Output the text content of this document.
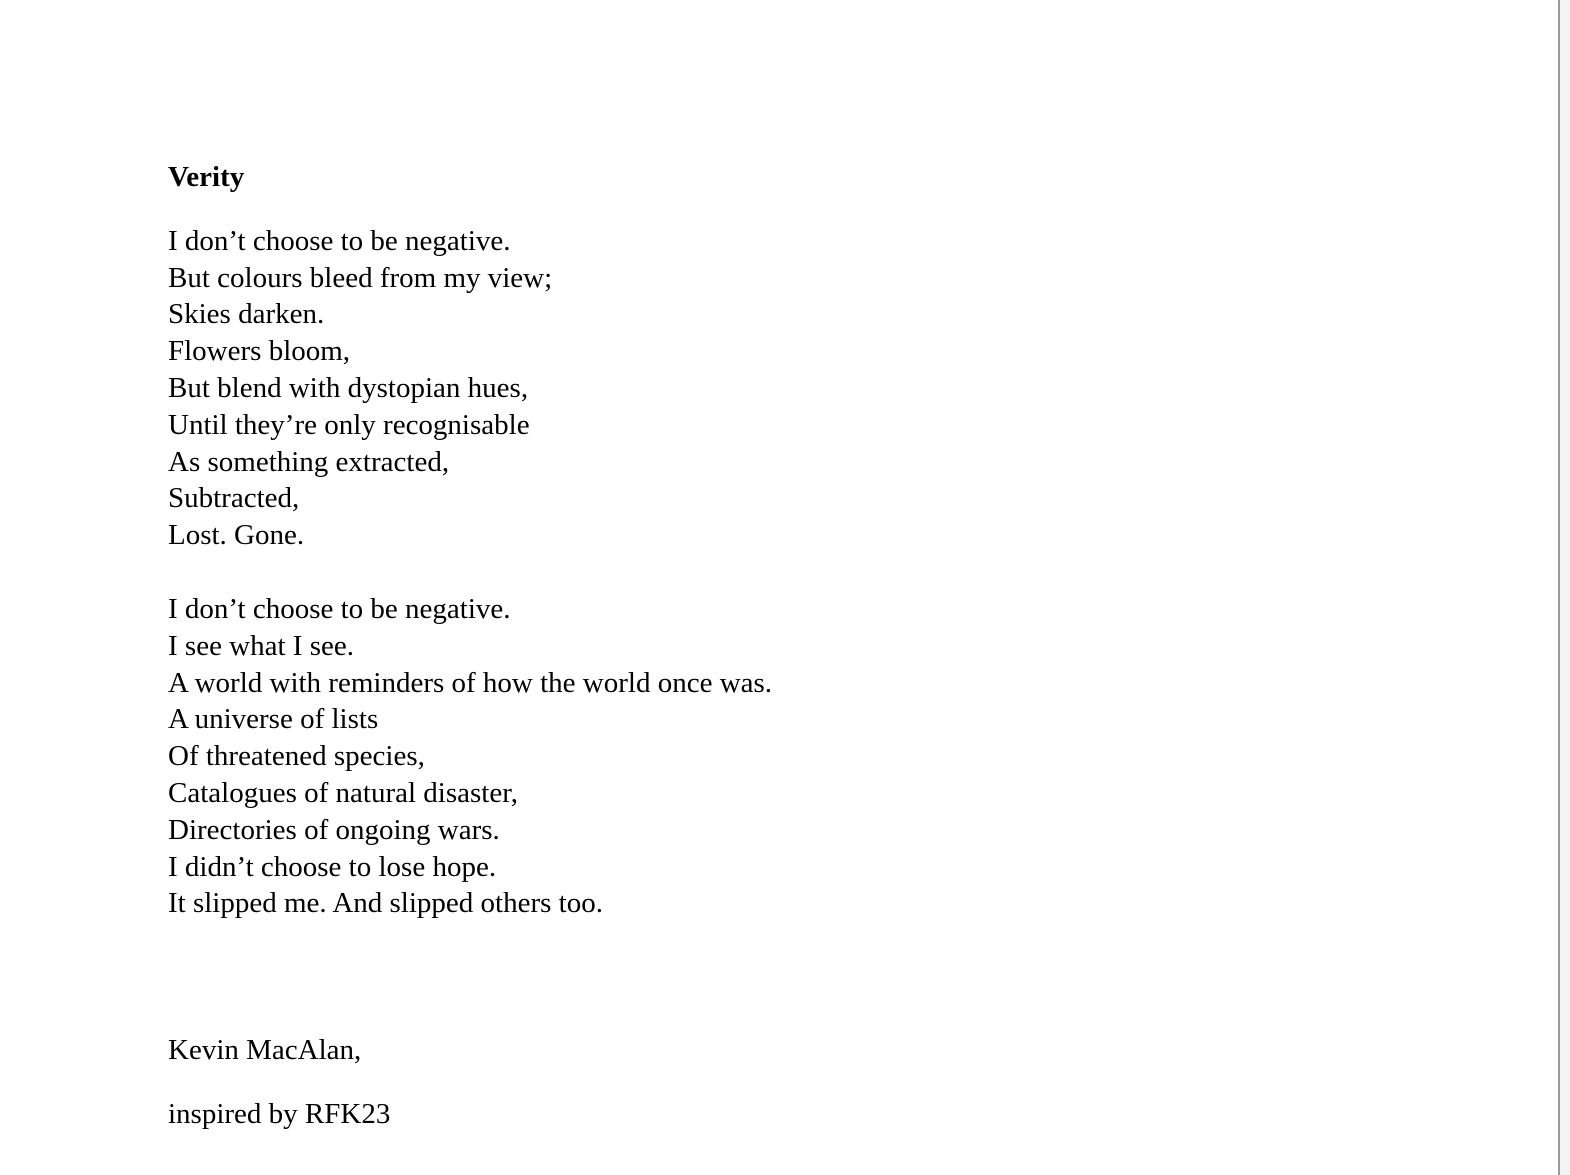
Verity
I don’t choose to be negative.
But colours bleed from my view;
Skies darken.
Flowers bloom,
But blend with dystopian hues,
Until they’re only recognisable
As something extracted,
Subtracted,
Lost. Gone.
I don’t choose to be negative.
I see what I see.
A world with reminders of how the world once was.
A universe of lists
Of threatened species,
Catalogues of natural disaster,
Directories of ongoing wars.
I didn’t choose to lose hope.
It slipped me. And slipped others too.
Kevin MacAlan,
inspired by RFK23
